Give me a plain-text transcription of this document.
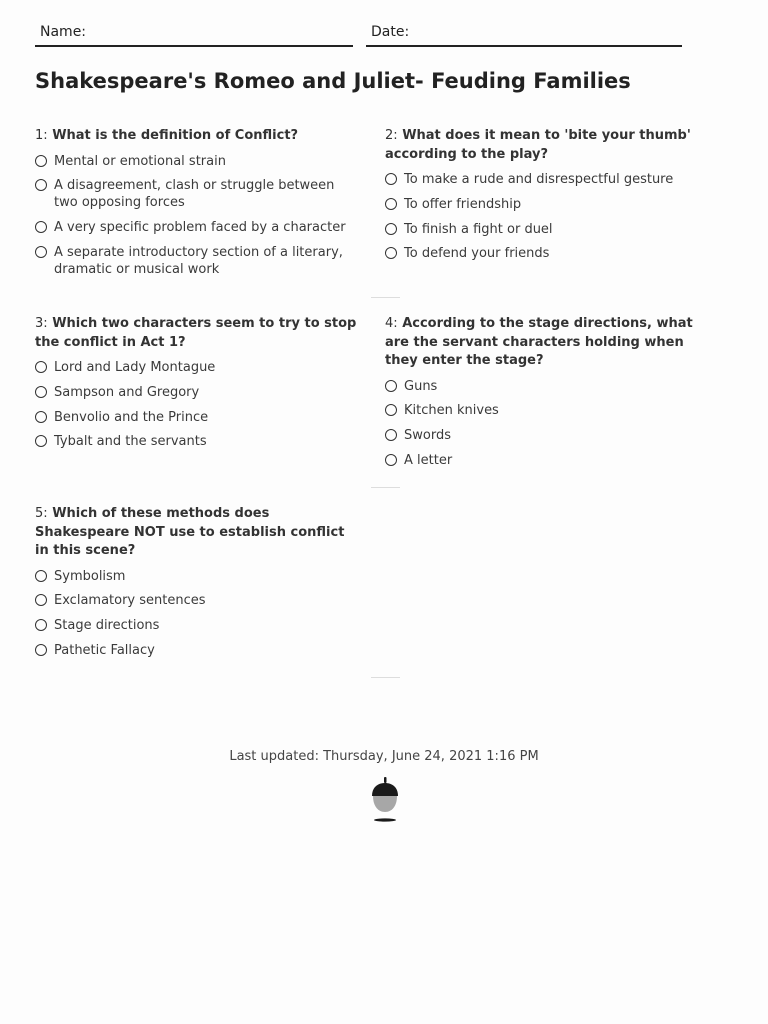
Name:	Date:
Shakespeare's Romeo and Juliet- Feuding Families
1: What is the definition of Conflict?
Mental or emotional strain
A disagreement, clash or struggle between two opposing forces
A very specific problem faced by a character
A separate introductory section of a literary, dramatic or musical work
2: What does it mean to 'bite your thumb' according to the play?
To make a rude and disrespectful gesture
To offer friendship
To finish a fight or duel
To defend your friends
3: Which two characters seem to try to stop the conflict in Act 1?
Lord and Lady Montague
Sampson and Gregory
Benvolio and the Prince
Tybalt and the servants
4: According to the stage directions, what are the servant characters holding when they enter the stage?
Guns
Kitchen knives
Swords
A letter
5: Which of these methods does Shakespeare NOT use to establish conflict in this scene?
Symbolism
Exclamatory sentences
Stage directions
Pathetic Fallacy
Last updated: Thursday, June 24, 2021 1:16 PM
